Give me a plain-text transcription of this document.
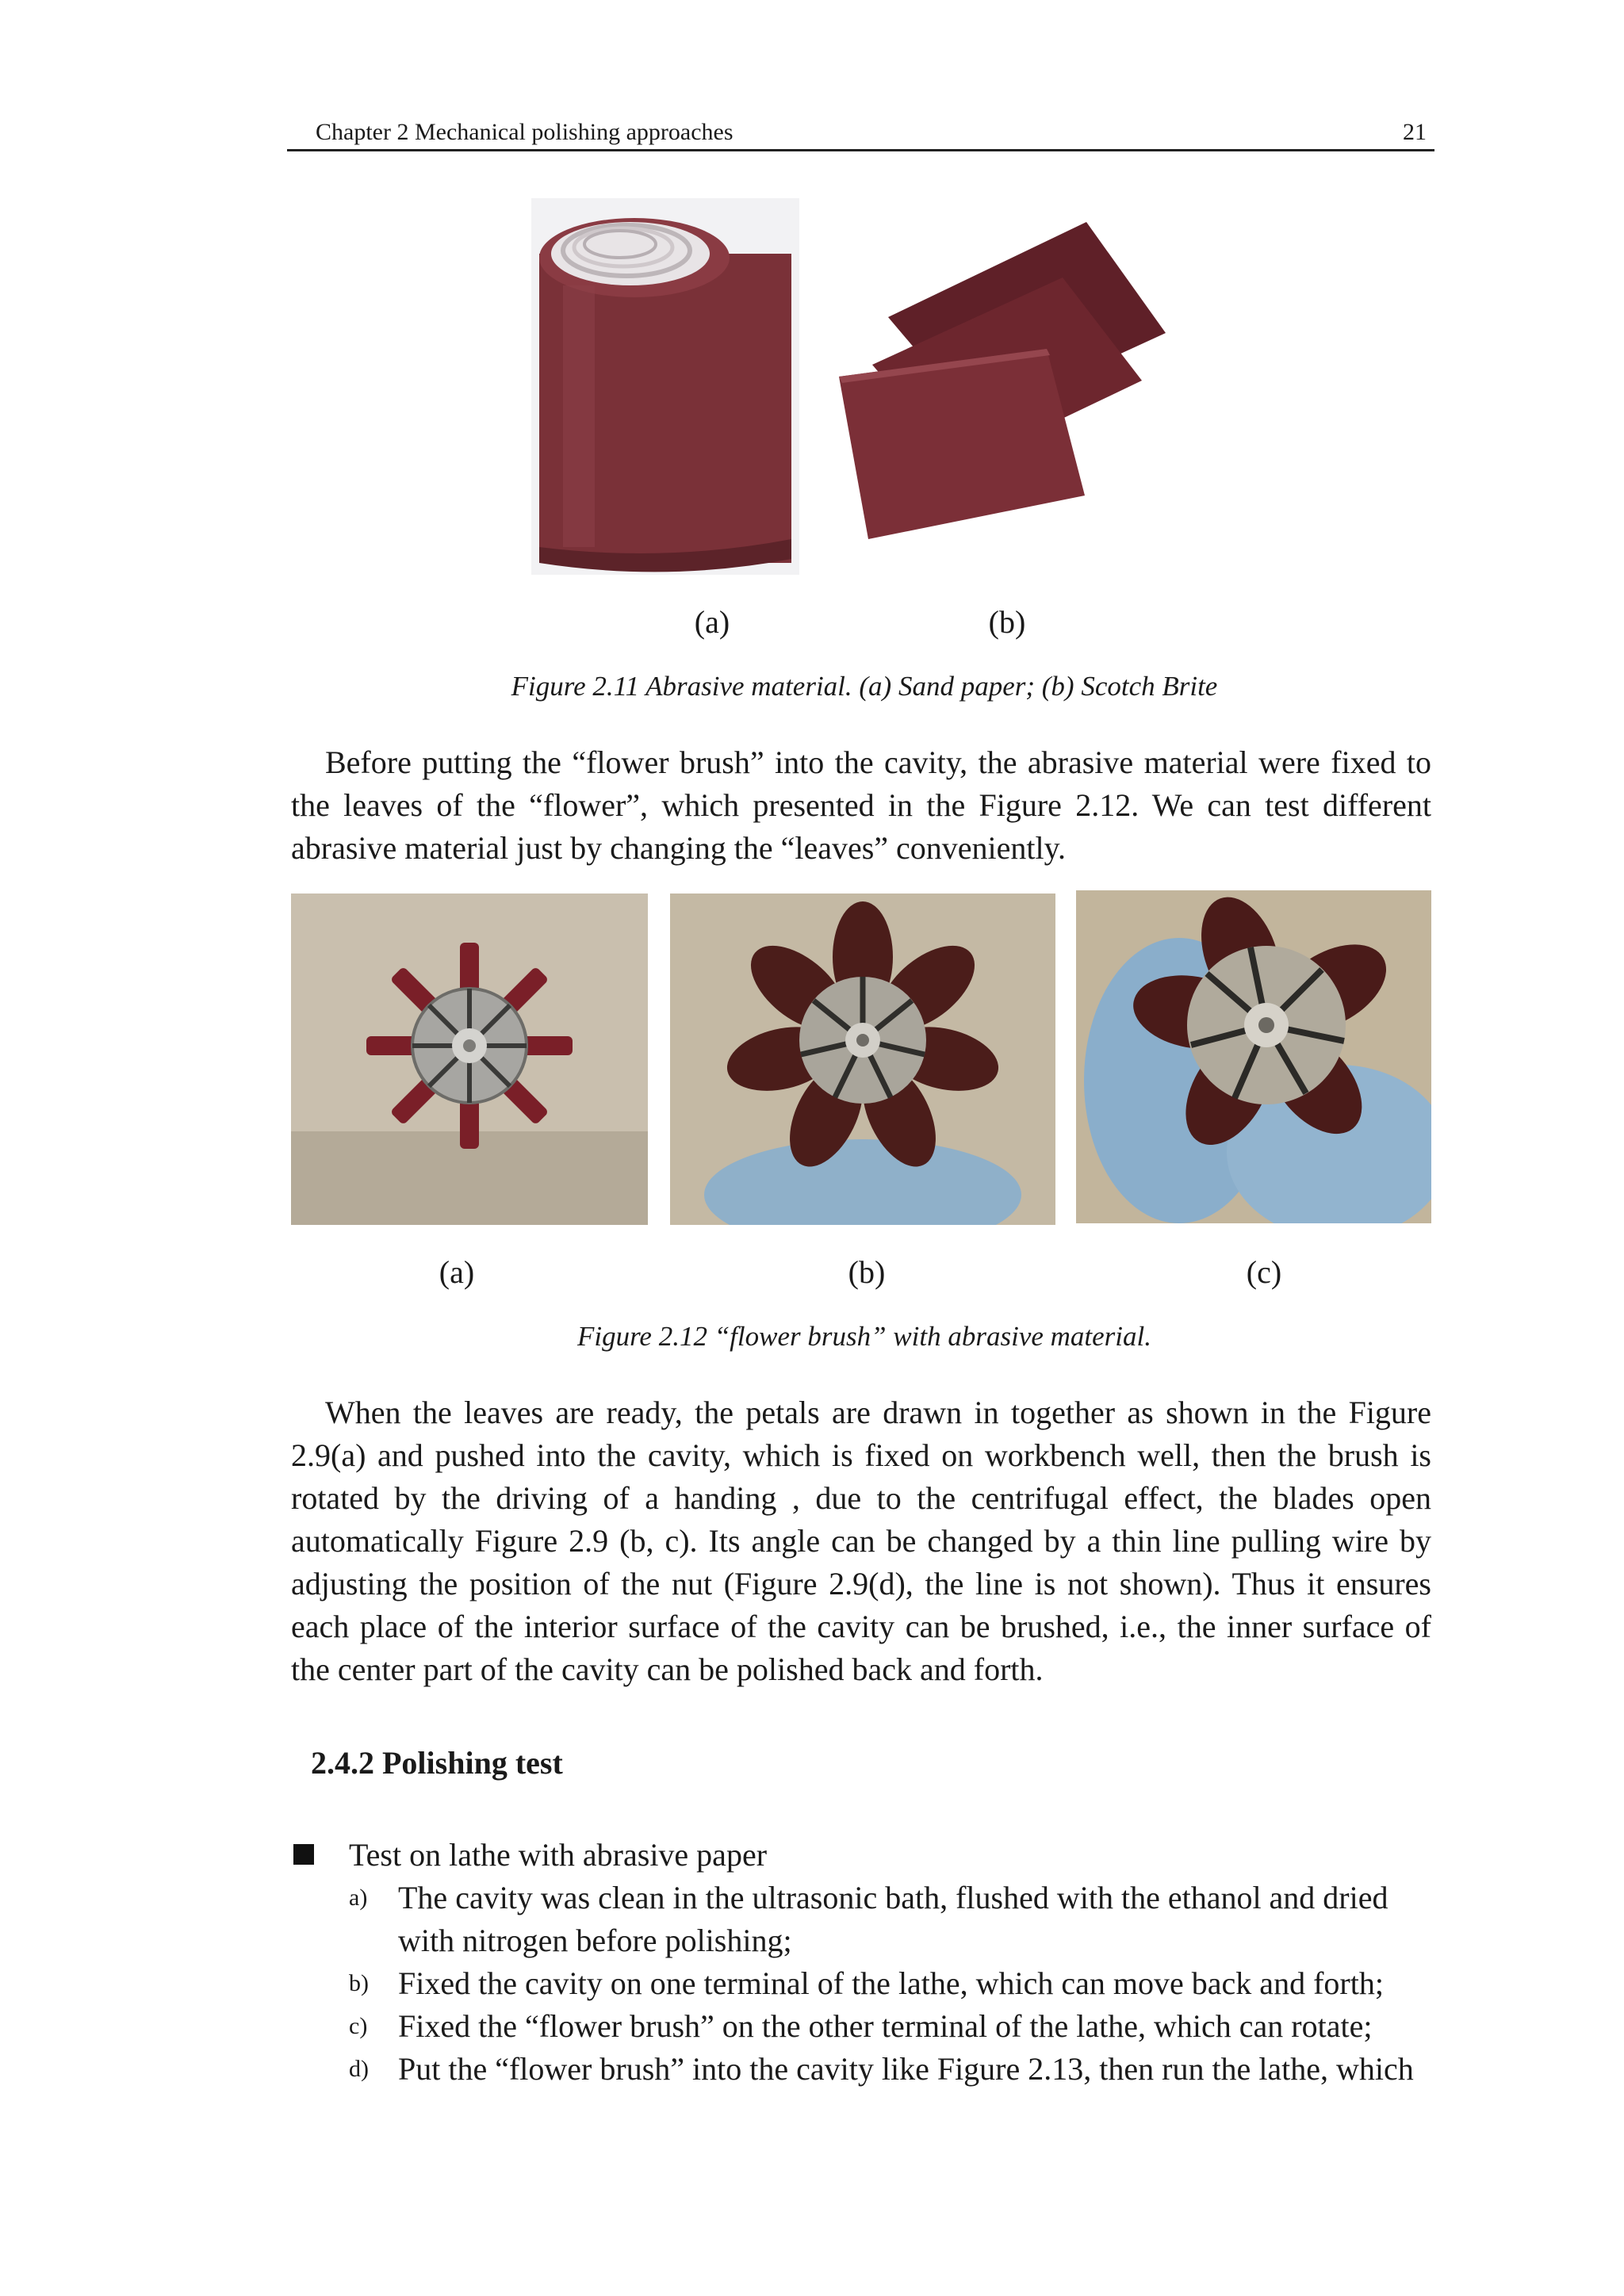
Chapter 2 Mechanical polishing approaches	21
(a)	(b)
Figure 2.11 Abrasive material. (a) Sand paper; (b) Scotch Brite

Before putting the “flower brush” into the cavity, the abrasive material were fixed to the leaves of the “flower”, which presented in the Figure 2.12. We can test different abrasive material just by changing the “leaves” conveniently.

(a)	(b)	(c)
Figure 2.12 “flower brush” with abrasive material.

When the leaves are ready, the petals are drawn in together as shown in the Figure 2.9(a) and pushed into the cavity, which is fixed on workbench well, then the brush is rotated by the driving of a handing , due to the centrifugal effect, the blades open automatically Figure 2.9 (b, c). Its angle can be changed by a thin line pulling wire by adjusting the position of the nut (Figure 2.9(d), the line is not shown). Thus it ensures each place of the interior surface of the cavity can be brushed, i.e., the inner surface of the center part of the cavity can be polished back and forth.

2.4.2 Polishing test
Test on lathe with abrasive paper
a) The cavity was clean in the ultrasonic bath, flushed with the ethanol and dried with nitrogen before polishing;

b) Fixed the cavity on one terminal of the lathe, which can move back and forth;

c) Fixed the “flower brush” on the other terminal of the lathe, which can rotate;

d) Put the “flower brush” into the cavity like Figure 2.13, then run the lathe, which
